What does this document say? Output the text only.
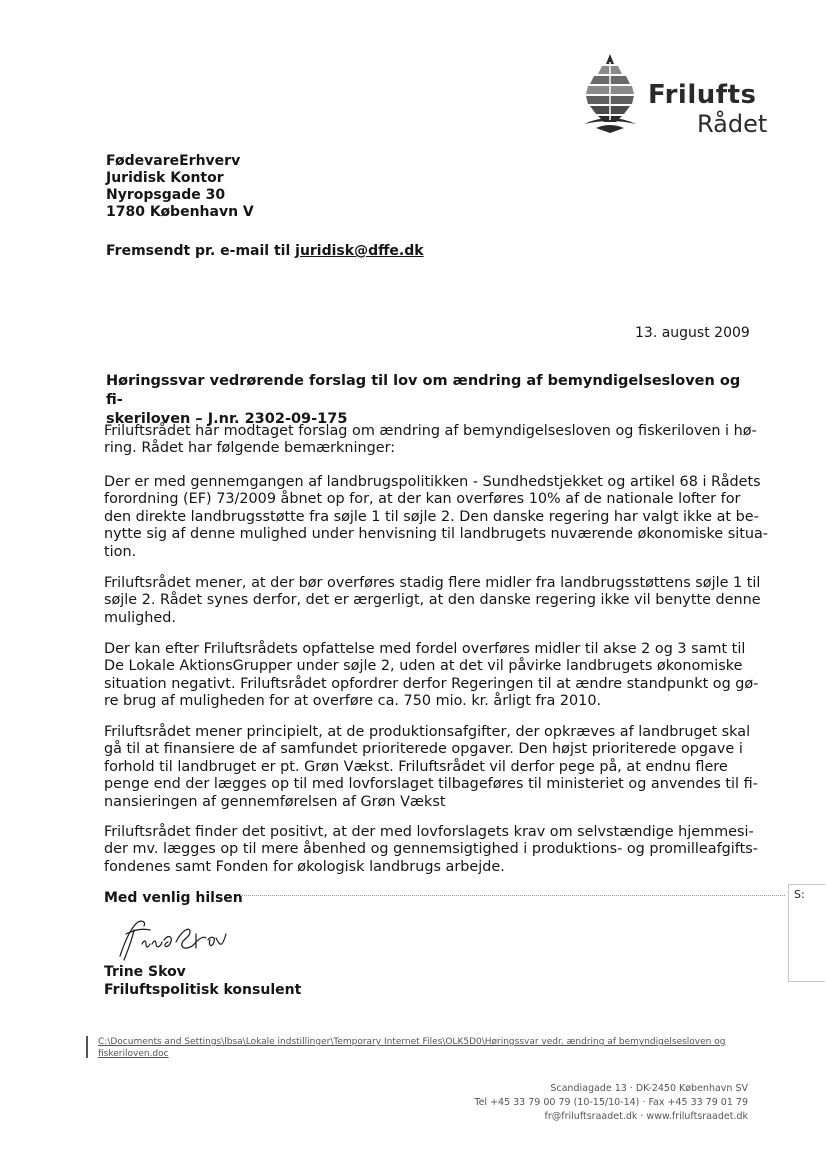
Frilufts
Rådet
FødevareErhverv
Juridisk Kontor
Nyropsgade 30
1780 København V
Fremsendt pr. e-mail til juridisk@dffe.dk
13. august 2009
Høringssvar vedrørende forslag til lov om ændring af bemyndigelsesloven og fi-
skeriloven – J.nr. 2302-09-175
Friluftsrådet har modtaget forslag om ændring af bemyndigelsesloven og fiskeriloven i hø-
ring. Rådet har følgende bemærkninger:
Der er med gennemgangen af landbrugspolitikken - Sundhedstjekket og artikel 68 i Rådets
forordning (EF) 73/2009 åbnet op for, at der kan overføres 10% af de nationale lofter for
den direkte landbrugsstøtte fra søjle 1 til søjle 2. Den danske regering har valgt ikke at be-
nytte sig af denne mulighed under henvisning til landbrugets nuværende økonomiske situa-
tion.
Friluftsrådet mener, at der bør overføres stadig flere midler fra landbrugsstøttens søjle 1 til
søjle 2. Rådet synes derfor, det er ærgerligt, at den danske regering ikke vil benytte denne
mulighed.
Der kan efter Friluftsrådets opfattelse med fordel overføres midler til akse 2 og 3 samt til
De Lokale AktionsGrupper under søjle 2, uden at det vil påvirke landbrugets økonomiske
situation negativt. Friluftsrådet opfordrer derfor Regeringen til at ændre standpunkt og gø-
re brug af muligheden for at overføre ca. 750 mio. kr. årligt fra 2010.
Friluftsrådet mener principielt, at de produktionsafgifter, der opkræves af landbruget skal
gå til at finansiere de af samfundet prioriterede opgaver. Den højst prioriterede opgave i
forhold til landbruget er pt. Grøn Vækst. Friluftsrådet vil derfor pege på, at endnu flere
penge end der lægges op til med lovforslaget tilbageføres til ministeriet og anvendes til fi-
nansieringen af gennemførelsen af Grøn Vækst
Friluftsrådet finder det positivt, at der med lovforslagets krav om selvstændige hjemmesi-
der mv. lægges op til mere åbenhed og gennemsigtighed i produktions- og promilleafgifts-
fondenes samt Fonden for økologisk landbrugs arbejde.
Med venlig hilsen
Trine Skov
Friluftspolitisk konsulent
S:
C:\Documents and Settings\lbsa\Lokale indstillinger\Temporary Internet Files\OLK5D0\Høringssvar vedr. ændring af bemyndigelsesloven og fiskeriloven.doc
Scandiagade 13 · DK-2450 København SV
Tel +45 33 79 00 79 (10-15/10-14) · Fax +45 33 79 01 79
fr@friluftsraadet.dk · www.friluftsraadet.dk
